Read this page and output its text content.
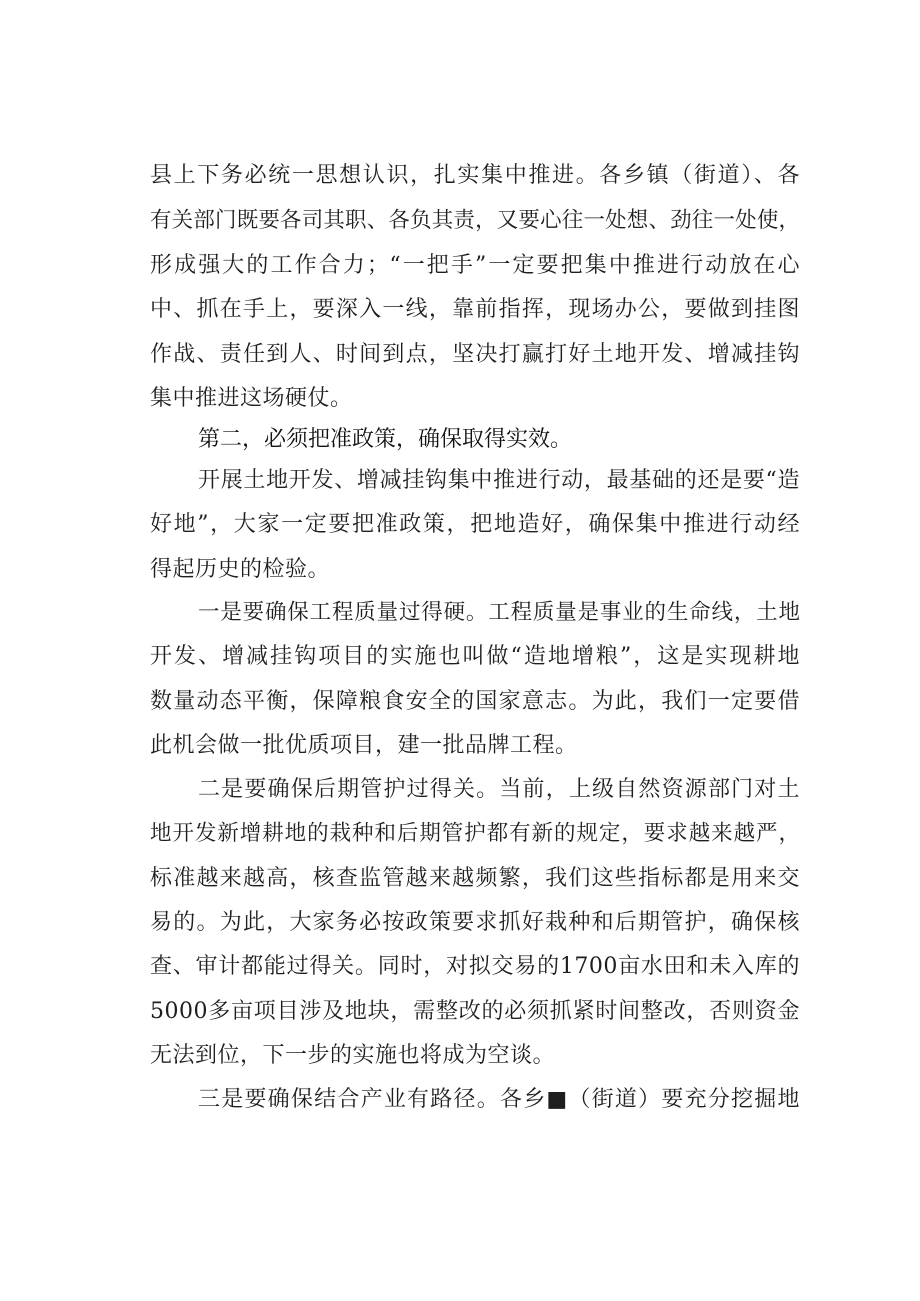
县上下务必统一思想认识，扎实集中推进。各乡镇（街道）、各

有关部门既要各司其职、各负其责，又要心往一处想、劲往一处使，

形成强大的工作合力；“一把手”一定要把集中推进行动放在心

中、抓在手上，要深入一线，靠前指挥，现场办公，要做到挂图

作战、责任到人、时间到点，坚决打赢打好土地开发、增减挂钩

集中推进这场硬仗。

第二，必须把准政策，确保取得实效。

开展土地开发、增减挂钩集中推进行动，最基础的还是要“造

好地”，大家一定要把准政策，把地造好，确保集中推进行动经

得起历史的检验。

一是要确保工程质量过得硬。工程质量是事业的生命线，土地

开发、增减挂钩项目的实施也叫做“造地增粮”，这是实现耕地

数量动态平衡，保障粮食安全的国家意志。为此，我们一定要借

此机会做一批优质项目，建一批品牌工程。

二是要确保后期管护过得关。当前，上级自然资源部门对土

地开发新增耕地的栽种和后期管护都有新的规定，要求越来越严，

标准越来越高，核查监管越来越频繁，我们这些指标都是用来交

易的。为此，大家务必按政策要求抓好栽种和后期管护，确保核

查、审计都能过得关。同时，对拟交易的1700亩水田和未入库的

5000多亩项目涉及地块，需整改的必须抓紧时间整改，否则资金

无法到位，下一步的实施也将成为空谈。

三是要确保结合产业有路径。各乡■（街道）要充分挖掘地
